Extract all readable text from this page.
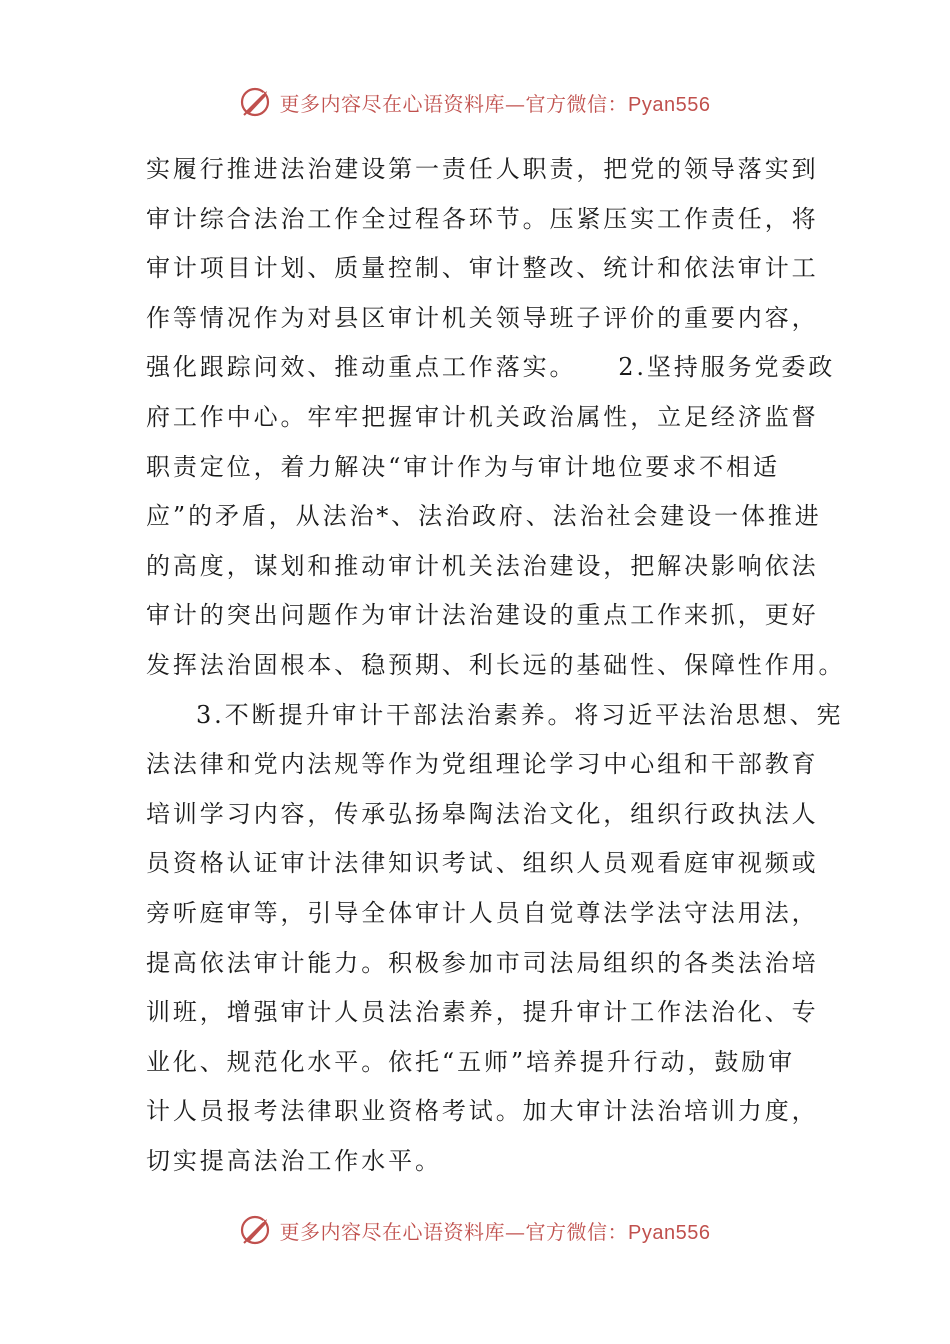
更多内容尽在心语资料库—官方微信：Pyan556
实履行推进法治建设第一责任人职责，把党的领导落实到
审计综合法治工作全过程各环节。压紧压实工作责任，将
审计项目计划、质量控制、审计整改、统计和依法审计工
作等情况作为对县区审计机关领导班子评价的重要内容，
强化跟踪问效、推动重点工作落实。　　2.坚持服务党委政
府工作中心。牢牢把握审计机关政治属性，立足经济监督
职责定位，着力解决“审计作为与审计地位要求不相适
应”的矛盾，从法治*、法治政府、法治社会建设一体推进
的高度，谋划和推动审计机关法治建设，把解决影响依法
审计的突出问题作为审计法治建设的重点工作来抓，更好
发挥法治固根本、稳预期、利长远的基础性、保障性作用。
3.不断提升审计干部法治素养。将习近平法治思想、宪
法法律和党内法规等作为党组理论学习中心组和干部教育
培训学习内容，传承弘扬皋陶法治文化，组织行政执法人
员资格认证审计法律知识考试、组织人员观看庭审视频或
旁听庭审等，引导全体审计人员自觉尊法学法守法用法，
提高依法审计能力。积极参加市司法局组织的各类法治培
训班，增强审计人员法治素养，提升审计工作法治化、专
业化、规范化水平。依托“五师”培养提升行动，鼓励审
计人员报考法律职业资格考试。加大审计法治培训力度，
切实提高法治工作水平。
更多内容尽在心语资料库—官方微信：Pyan556
